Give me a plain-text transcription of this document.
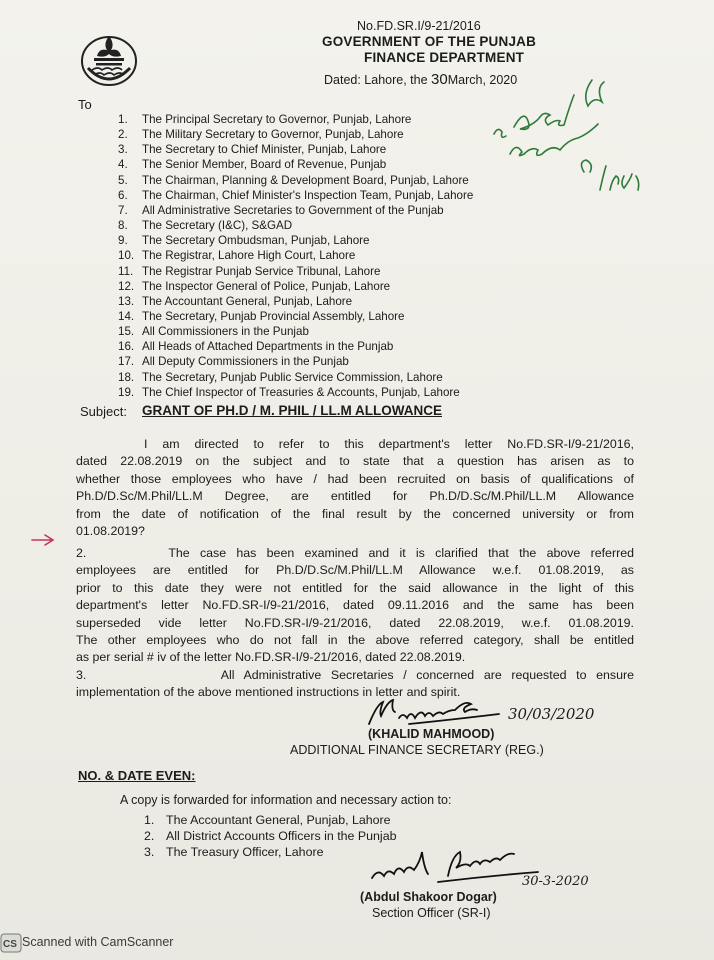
No.FD.SR.I/9-21/2016
GOVERNMENT OF THE PUNJAB
FINANCE DEPARTMENT
Dated: Lahore, the 30March, 2020
To
1. The Principal Secretary to Governor, Punjab, Lahore
2. The Military Secretary to Governor, Punjab, Lahore
3. The Secretary to Chief Minister, Punjab, Lahore
4. The Senior Member, Board of Revenue, Punjab
5. The Chairman, Planning & Development Board, Punjab, Lahore
6. The Chairman, Chief Minister's Inspection Team, Punjab, Lahore
7. All Administrative Secretaries to Government of the Punjab
8. The Secretary (I&C), S&GAD
9. The Secretary Ombudsman, Punjab, Lahore
10. The Registrar, Lahore High Court, Lahore
11. The Registrar Punjab Service Tribunal, Lahore
12. The Inspector General of Police, Punjab, Lahore
13. The Accountant General, Punjab, Lahore
14. The Secretary, Punjab Provincial Assembly, Lahore
15. All Commissioners in the Punjab
16. All Heads of Attached Departments in the Punjab
17. All Deputy Commissioners in the Punjab
18. The Secretary, Punjab Public Service Commission, Lahore
19. The Chief Inspector of Treasuries & Accounts, Punjab, Lahore
Subject: GRANT OF PH.D / M. PHIL / LL.M ALLOWANCE
I am directed to refer to this department's letter No.FD.SR-I/9-21/2016,
dated 22.08.2019 on the subject and to state that a question has arisen as to
whether those employees who have / had been recruited on basis of qualifications of
Ph.D/D.Sc/M.Phil/LL.M Degree, are entitled for Ph.D/D.Sc/M.Phil/LL.M Allowance
from the date of notification of the final result by the concerned university or from
01.08.2019?
2.        The case has been examined and it is clarified that the above referred
employees are entitled for Ph.D/D.Sc/M.Phil/LL.M Allowance w.e.f. 01.08.2019, as
prior to this date they were not entitled for the said allowance in the light of this
department's letter No.FD.SR-I/9-21/2016, dated 09.11.2016 and the same has been
superseded vide letter No.FD.SR-I/9-21/2016, dated 22.08.2019, w.e.f. 01.08.2019.
The other employees who do not fall in the above referred category, shall be entitled
as per serial # iv of the letter No.FD.SR-I/9-21/2016, dated 22.08.2019.
3.              All Administrative Secretaries / concerned are requested to ensure
implementation of the above mentioned instructions in letter and spirit.
30/03/2020
(KHALID MAHMOOD)
ADDITIONAL FINANCE SECRETARY (REG.)
NO. & DATE EVEN:
A copy is forwarded for information and necessary action to:
1. The Accountant General, Punjab, Lahore
2. All District Accounts Officers in the Punjab
3. The Treasury Officer, Lahore
30-3-2020
(Abdul Shakoor Dogar)
Section Officer (SR-I)
CS Scanned with CamScanner
